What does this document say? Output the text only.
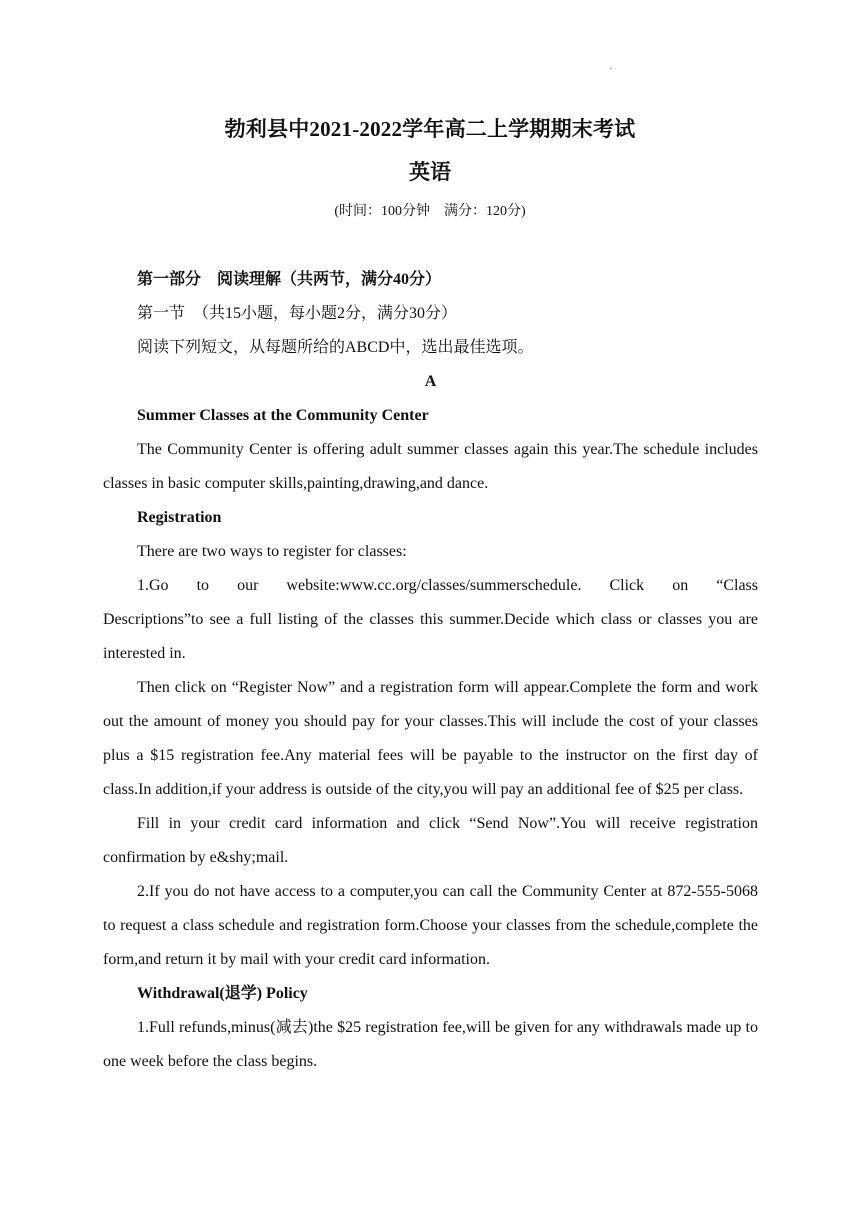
·
勃利县中2021-2022学年高二上学期期末考试
英语
(时间：100分钟　满分：120分)

第一部分　阅读理解（共两节，满分40分）

第一节　（共15小题，每小题2分，满分30分）

阅读下列短文，从每题所给的ABCD中，选出最佳选项。

A

Summer Classes at the Community Center

The Community Center is offering adult summer classes again this year.The schedule includes classes in basic computer skills,painting,drawing,and dance.

Registration

There are two ways to register for classes:

1.Go to our website:www.cc.org/classes/summerschedule. Click on “Class

Descriptions”to see a full listing of the classes this summer.Decide which class or classes you are interested in.

Then click on “Register Now” and a registration form will appear.Complete the form and work out the amount of money you should pay for your classes.This will include the cost of your classes plus a $15 registration fee.Any material fees will be payable to the instructor on the first day of class.In addition,if your address is outside of the city,you will pay an additional fee of $25 per class.

Fill in your credit card information and click “Send Now”.You will receive registration confirmation by e&shy;mail.

2.If you do not have access to a computer,you can call the Community Center at 872-555-5068 to request a class schedule and registration form.Choose your classes from the schedule,complete the form,and return it by mail with your credit card information.

Withdrawal(退学) Policy

1.Full refunds,minus(减去)the $25 registration fee,will be given for any withdrawals made up to one week before the class begins.
